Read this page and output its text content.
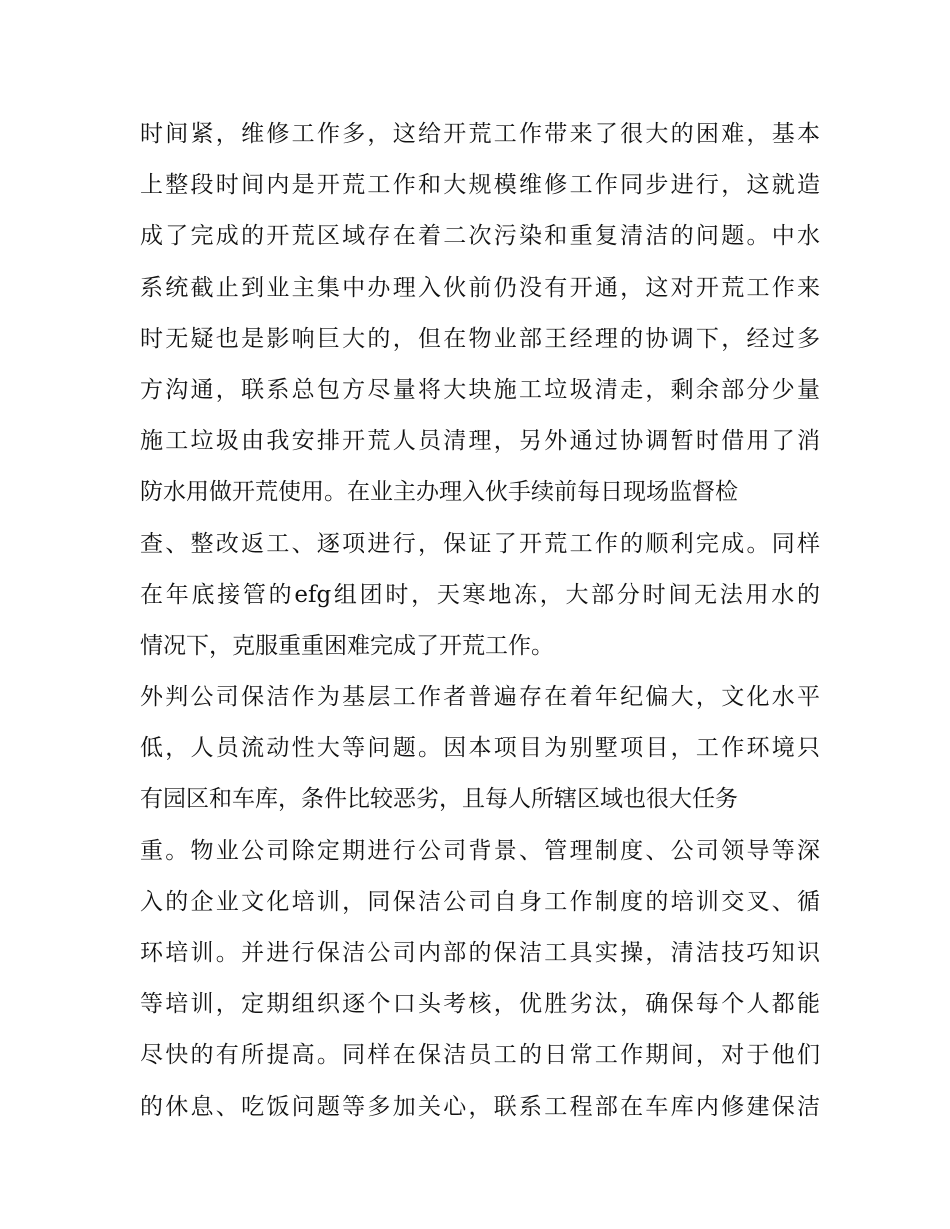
时间紧，维修工作多，这给开荒工作带来了很大的困难，基本
上整段时间内是开荒工作和大规模维修工作同步进行，这就造
成了完成的开荒区域存在着二次污染和重复清洁的问题。中水
系统截止到业主集中办理入伙前仍没有开通，这对开荒工作来
时无疑也是影响巨大的，但在物业部王经理的协调下，经过多
方沟通，联系总包方尽量将大块施工垃圾清走，剩余部分少量
施工垃圾由我安排开荒人员清理，另外通过协调暂时借用了消
防水用做开荒使用。在业主办理入伙手续前每日现场监督检
查、整改返工、逐项进行，保证了开荒工作的顺利完成。同样
在年底接管的efg组团时，天寒地冻，大部分时间无法用水的
情况下，克服重重困难完成了开荒工作。
外判公司保洁作为基层工作者普遍存在着年纪偏大，文化水平
低，人员流动性大等问题。因本项目为别墅项目，工作环境只
有园区和车库，条件比较恶劣，且每人所辖区域也很大任务
重。物业公司除定期进行公司背景、管理制度、公司领导等深
入的企业文化培训，同保洁公司自身工作制度的培训交叉、循
环培训。并进行保洁公司内部的保洁工具实操，清洁技巧知识
等培训，定期组织逐个口头考核，优胜劣汰，确保每个人都能
尽快的有所提高。同样在保洁员工的日常工作期间，对于他们
的休息、吃饭问题等多加关心，联系工程部在车库内修建保洁
